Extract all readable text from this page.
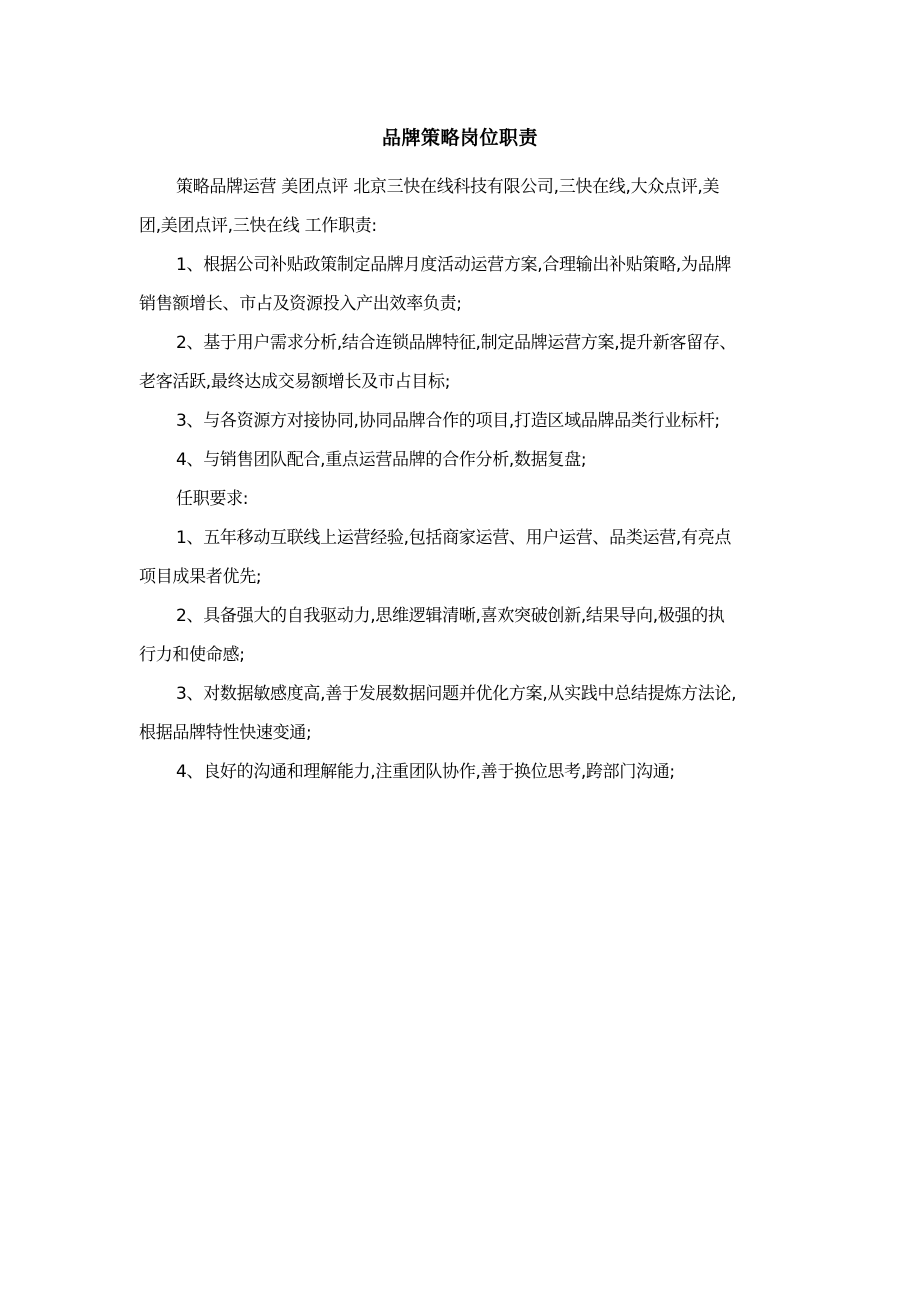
品牌策略岗位职责

策略品牌运营 美团点评 北京三快在线科技有限公司,三快在线,大众点评,美
团,美团点评,三快在线 工作职责:

1、根据公司补贴政策制定品牌月度活动运营方案,合理输出补贴策略,为品牌
销售额增长、市占及资源投入产出效率负责;

2、基于用户需求分析,结合连锁品牌特征,制定品牌运营方案,提升新客留存、
老客活跃,最终达成交易额增长及市占目标;

3、与各资源方对接协同,协同品牌合作的项目,打造区域品牌品类行业标杆;

4、与销售团队配合,重点运营品牌的合作分析,数据复盘;

任职要求:

1、五年移动互联线上运营经验,包括商家运营、用户运营、品类运营,有亮点
项目成果者优先;

2、具备强大的自我驱动力,思维逻辑清晰,喜欢突破创新,结果导向,极强的执
行力和使命感;

3、对数据敏感度高,善于发展数据问题并优化方案,从实践中总结提炼方法论,
根据品牌特性快速变通;

4、良好的沟通和理解能力,注重团队协作,善于换位思考,跨部门沟通;
